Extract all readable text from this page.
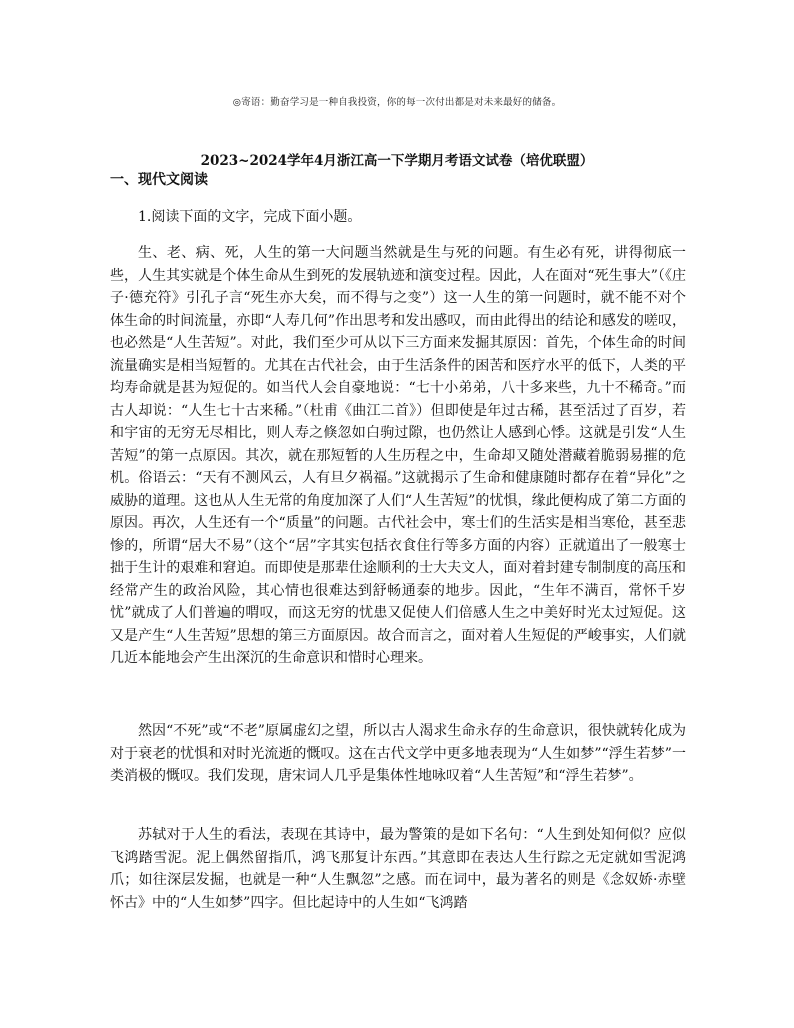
◎寄语：勤奋学习是一种自我投资，你的每一次付出都是对未来最好的储备。
2023~2024学年4月浙江高一下学期月考语文试卷（培优联盟）
一、现代文阅读
1.阅读下面的文字，完成下面小题。

生、老、病、死，人生的第一大问题当然就是生与死的问题。有生必有死，讲得彻底一些，人生其实就是个体生命从生到死的发展轨迹和演变过程。因此，人在面对“死生事大”（《庄子·德充符》引孔子言“死生亦大矣，而不得与之变”）这一人生的第一问题时，就不能不对个体生命的时间流量，亦即“人寿几何”作出思考和发出感叹，而由此得出的结论和感发的嗟叹，也必然是“人生苦短”。对此，我们至少可从以下三方面来发掘其原因：首先，个体生命的时间流量确实是相当短暂的。尤其在古代社会，由于生活条件的困苦和医疗水平的低下，人类的平均寿命就是甚为短促的。如当代人会自豪地说：“七十小弟弟，八十多来些，九十不稀奇。”而古人却说：“人生七十古来稀。”（杜甫《曲江二首》）但即使是年过古稀，甚至活过了百岁，若和宇宙的无穷无尽相比，则人寿之倏忽如白驹过隙，也仍然让人感到心悸。这就是引发“人生苦短”的第一点原因。其次，就在那短暂的人生历程之中，生命却又随处潜藏着脆弱易摧的危机。俗语云：“天有不测风云，人有旦夕祸福。”这就揭示了生命和健康随时都存在着“异化”之威胁的道理。这也从人生无常的角度加深了人们“人生苦短”的忧惧，缘此便构成了第二方面的原因。再次，人生还有一个“质量”的问题。古代社会中，寒士们的生活实是相当寒伧，甚至悲惨的，所谓“居大不易”（这个“居”字其实包括衣食住行等多方面的内容）正就道出了一般寒士拙于生计的艰难和窘迫。而即使是那辈仕途顺利的士大夫文人，面对着封建专制制度的高压和经常产生的政治风险，其心情也很难达到舒畅通泰的地步。因此，“生年不满百，常怀千岁忧”就成了人们普遍的喟叹，而这无穷的忧患又促使人们倍感人生之中美好时光太过短促。这又是产生“人生苦短”思想的第三方面原因。故合而言之，面对着人生短促的严峻事实，人们就几近本能地会产生出深沉的生命意识和惜时心理来。

然因“不死”或“不老”原属虚幻之望，所以古人渴求生命永存的生命意识，很快就转化成为对于衰老的忧惧和对时光流逝的慨叹。这在古代文学中更多地表现为“人生如梦”“浮生若梦”一类消极的慨叹。我们发现，唐宋词人几乎是集体性地咏叹着“人生苦短”和“浮生若梦”。

苏轼对于人生的看法，表现在其诗中，最为警策的是如下名句：“人生到处知何似？应似飞鸿踏雪泥。泥上偶然留指爪，鸿飞那复计东西。”其意即在表达人生行踪之无定就如雪泥鸿爪；如往深层发掘，也就是一种“人生飘忽”之感。而在词中，最为著名的则是《念奴娇·赤壁怀古》中的“人生如梦”四字。但比起诗中的人生如“飞鸿踏
